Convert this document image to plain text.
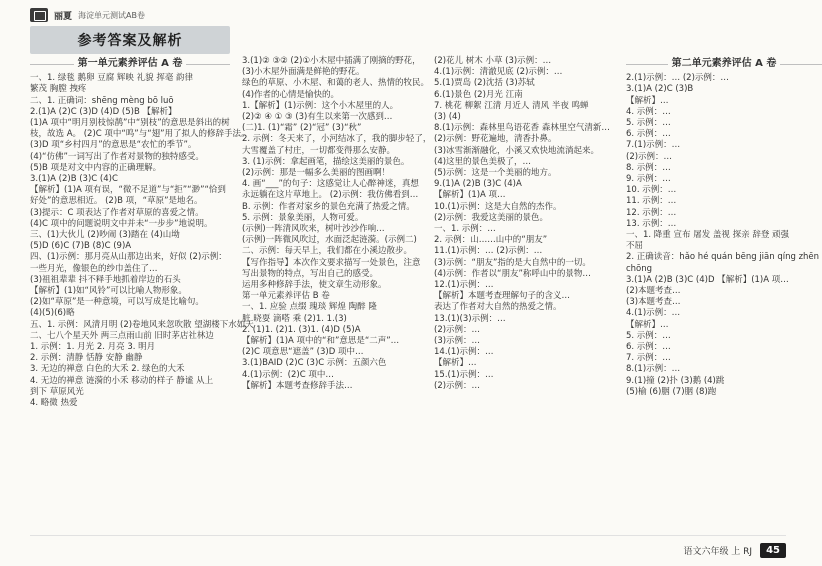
丽夏 海淀单元测试AB卷
参考答案及解析
第一单元素养评估 A 卷
一、1. 绿毯 鹅卵 豆腐 辉映 礼貌 挥毫 韵律
繁茂 胸膛 拽疼
二、1. 正确词：shēng mèng bō luō
2.(1)A (2)C (3)D (4)D (5)B 【解析】
(1)A 项中“明月别枝惊鹊”中“别枝”的意思是斜出的树
枝，故选 A。 (2)C 项中“鸣”与“翅”用了拟人的修辞手法。
(3)D 项“乡村四月”的意思是“农忙的季节”。
(4)“仿佛”一词写出了作者对景物的独特感受。
(5)B 项是对文中内容的正确理解。
3.(1)A (2)B (3)C (4)C
【解析】(1)A 项有误，“微不足道”与“拒”“渺”“恰到
好处”的意思相近。 (2)B 项，“草原”是地名。
(3)提示：C 项表达了作者对草原的喜爱之情。
(4)C 项中的问题说明文中并未“一步步”地说明。
三、(1)大伙儿 (2)吵闹 (3)踏在 (4)山坳
(5)D (6)C (7)B (8)C (9)A
四、(1)示例：那月亮从山那边出来，好似 (2)示例：
一些月光，像银色的纱巾盖住了…
(3)祖祖辈辈 抖不释手地抓着岸边的石头
【解析】(1)如“风铃”可以比喻人物形象。
(2)如“草原”是一种意境，可以写成是比喻句。
(4)(5)(6)略
五、1. 示例：风清月明 (2)卷地风来忽吹散 望湖楼下水如天
二、七八个星天外 两三点雨山前 旧时茅店社林边
1. 示例：1. 月光 2. 月亮 3. 明月
2. 示例：清静 恬静 安静 幽静
3. 无边的禅意 白色的大禾 2. 绿色的大禾
4. 无边的禅意 涟漪的小禾 移动的样子 静谧 从上
到下 草原风光
4. 略微 热爱
3.(1)② ③② (2)①小木屋中插满了刚摘的野花，
(3)小木屋外面满是鲜艳的野花。
绿色的草原、小木屋、和蔼的老人、热情的牧民。
(4)作者的心情是愉快的。
1.【解析】(1)示例：这个小木屋里的人。
(2)② ④ ① ③ (3)有生以来第一次感到…
(二)1. (1)“霜” (2)“冠” (3)“秋”
2. 示例：冬天来了，小河结冰了，我的脚步轻了，
大雪覆盖了村庄，一切都变得那么安静。
3. (1)示例：拿起画笔，描绘这美丽的景色。
(2)示例：那是一幅多么美丽的图画啊！
4. 画“___”的句子：这感觉让人心醉神迷，真想
永远躺在这片草地上。 (2)示例：我仿佛看到…
B. 示例：作者对家乡的景色充满了热爱之情。
5. 示例：景象美丽，人物可爱。
(示例)一阵清风吹来，树叶沙沙作响…
(示例)一阵微风吹过，水面泛起涟漪。(示例二)
二、示例：每天早上，我们都在小溪边散步。
【写作指导】本次作文要求描写一处景色，注意
写出景物的特点，写出自己的感受。
运用多种修辞手法，使文章生动形象。
第一单元素养评估 B 卷
一、1. 应验 点缀 瑰琰 辉煌 陶醉 隆
脏 晓耍 滴嗒 乘 (2)1. 1.(3)
2. (1)1. (2)1. (3)1. (4)D (5)A
【解析】(1)A 项中的“和”意思是“二声”…
(2)C 项意思“遮盖” (3)D 项中…
3.(1)BAID (2)C (3)C 示例：五颜六色
4.(1)示例：(2)C 项中…
【解析】本题考查修辞手法…
(2)花儿 树木 小草 (3)示例：…
4.(1)示例：清澈见底 (2)示例：…
5.(1)贾岛 (2)沈括 (3)苏轼
6.(1)景色 (2)月光 江南
7. 桃花 柳絮 江清 月近人 清风 半夜 鸣蝉
(3) (4)
8.(1)示例：森林里鸟语花香 森林里空气清新…
(2)示例：野花遍地，清香扑鼻。
(3)冰雪渐渐融化，小溪又欢快地流淌起来。
(4)这里的景色美极了，…
(5)示例：这是一个美丽的地方。
9.(1)A (2)B (3)C (4)A
【解析】(1)A 项…
10.(1)示例：这是大自然的杰作。
(2)示例：我爱这美丽的景色。
一、1. 示例：…
2. 示例：山……山中的“朋友”
11.(1)示例：… (2)示例：…
(3)示例：“朋友”指的是大自然中的一切。
(4)示例：作者以“朋友”称呼山中的景物…
12.(1)示例：…
【解析】本题考查理解句子的含义…
表达了作者对大自然的热爱之情。
13.(1)(3)示例：…
(2)示例：…
(3)示例：…
14.(1)示例：…
【解析】…
15.(1)示例：…
(2)示例：…
第二单元素养评估 A 卷
2.(1)示例：… (2)示例：…
3.(1)A (2)C (3)B
【解析】…
4. 示例：…
5. 示例：…
6. 示例：…
7.(1)示例：…
(2)示例：…
8. 示例：…
9. 示例：…
10. 示例：…
11. 示例：…
12. 示例：…
13. 示例：…
一、1. 降重 宣布 屠发 盖视 探亲 辞登 顽强
不屈
2. 正确读音：hǎo hé quán bēng jiān qíng zhēn
chōng
3.(1)A (2)B (3)C (4)D 【解析】(1)A 项…
(2)本题考查…
(3)本题考查…
4.(1)示例：…
【解析】…
5. 示例：…
6. 示例：…
7. 示例：…
8.(1)示例：…
9.(1)撞 (2)扑 (3)鹅 (4)跳
(5)榆 (6)胭 (7)胭 (8)跑
语文六年级 上 RJ	45
